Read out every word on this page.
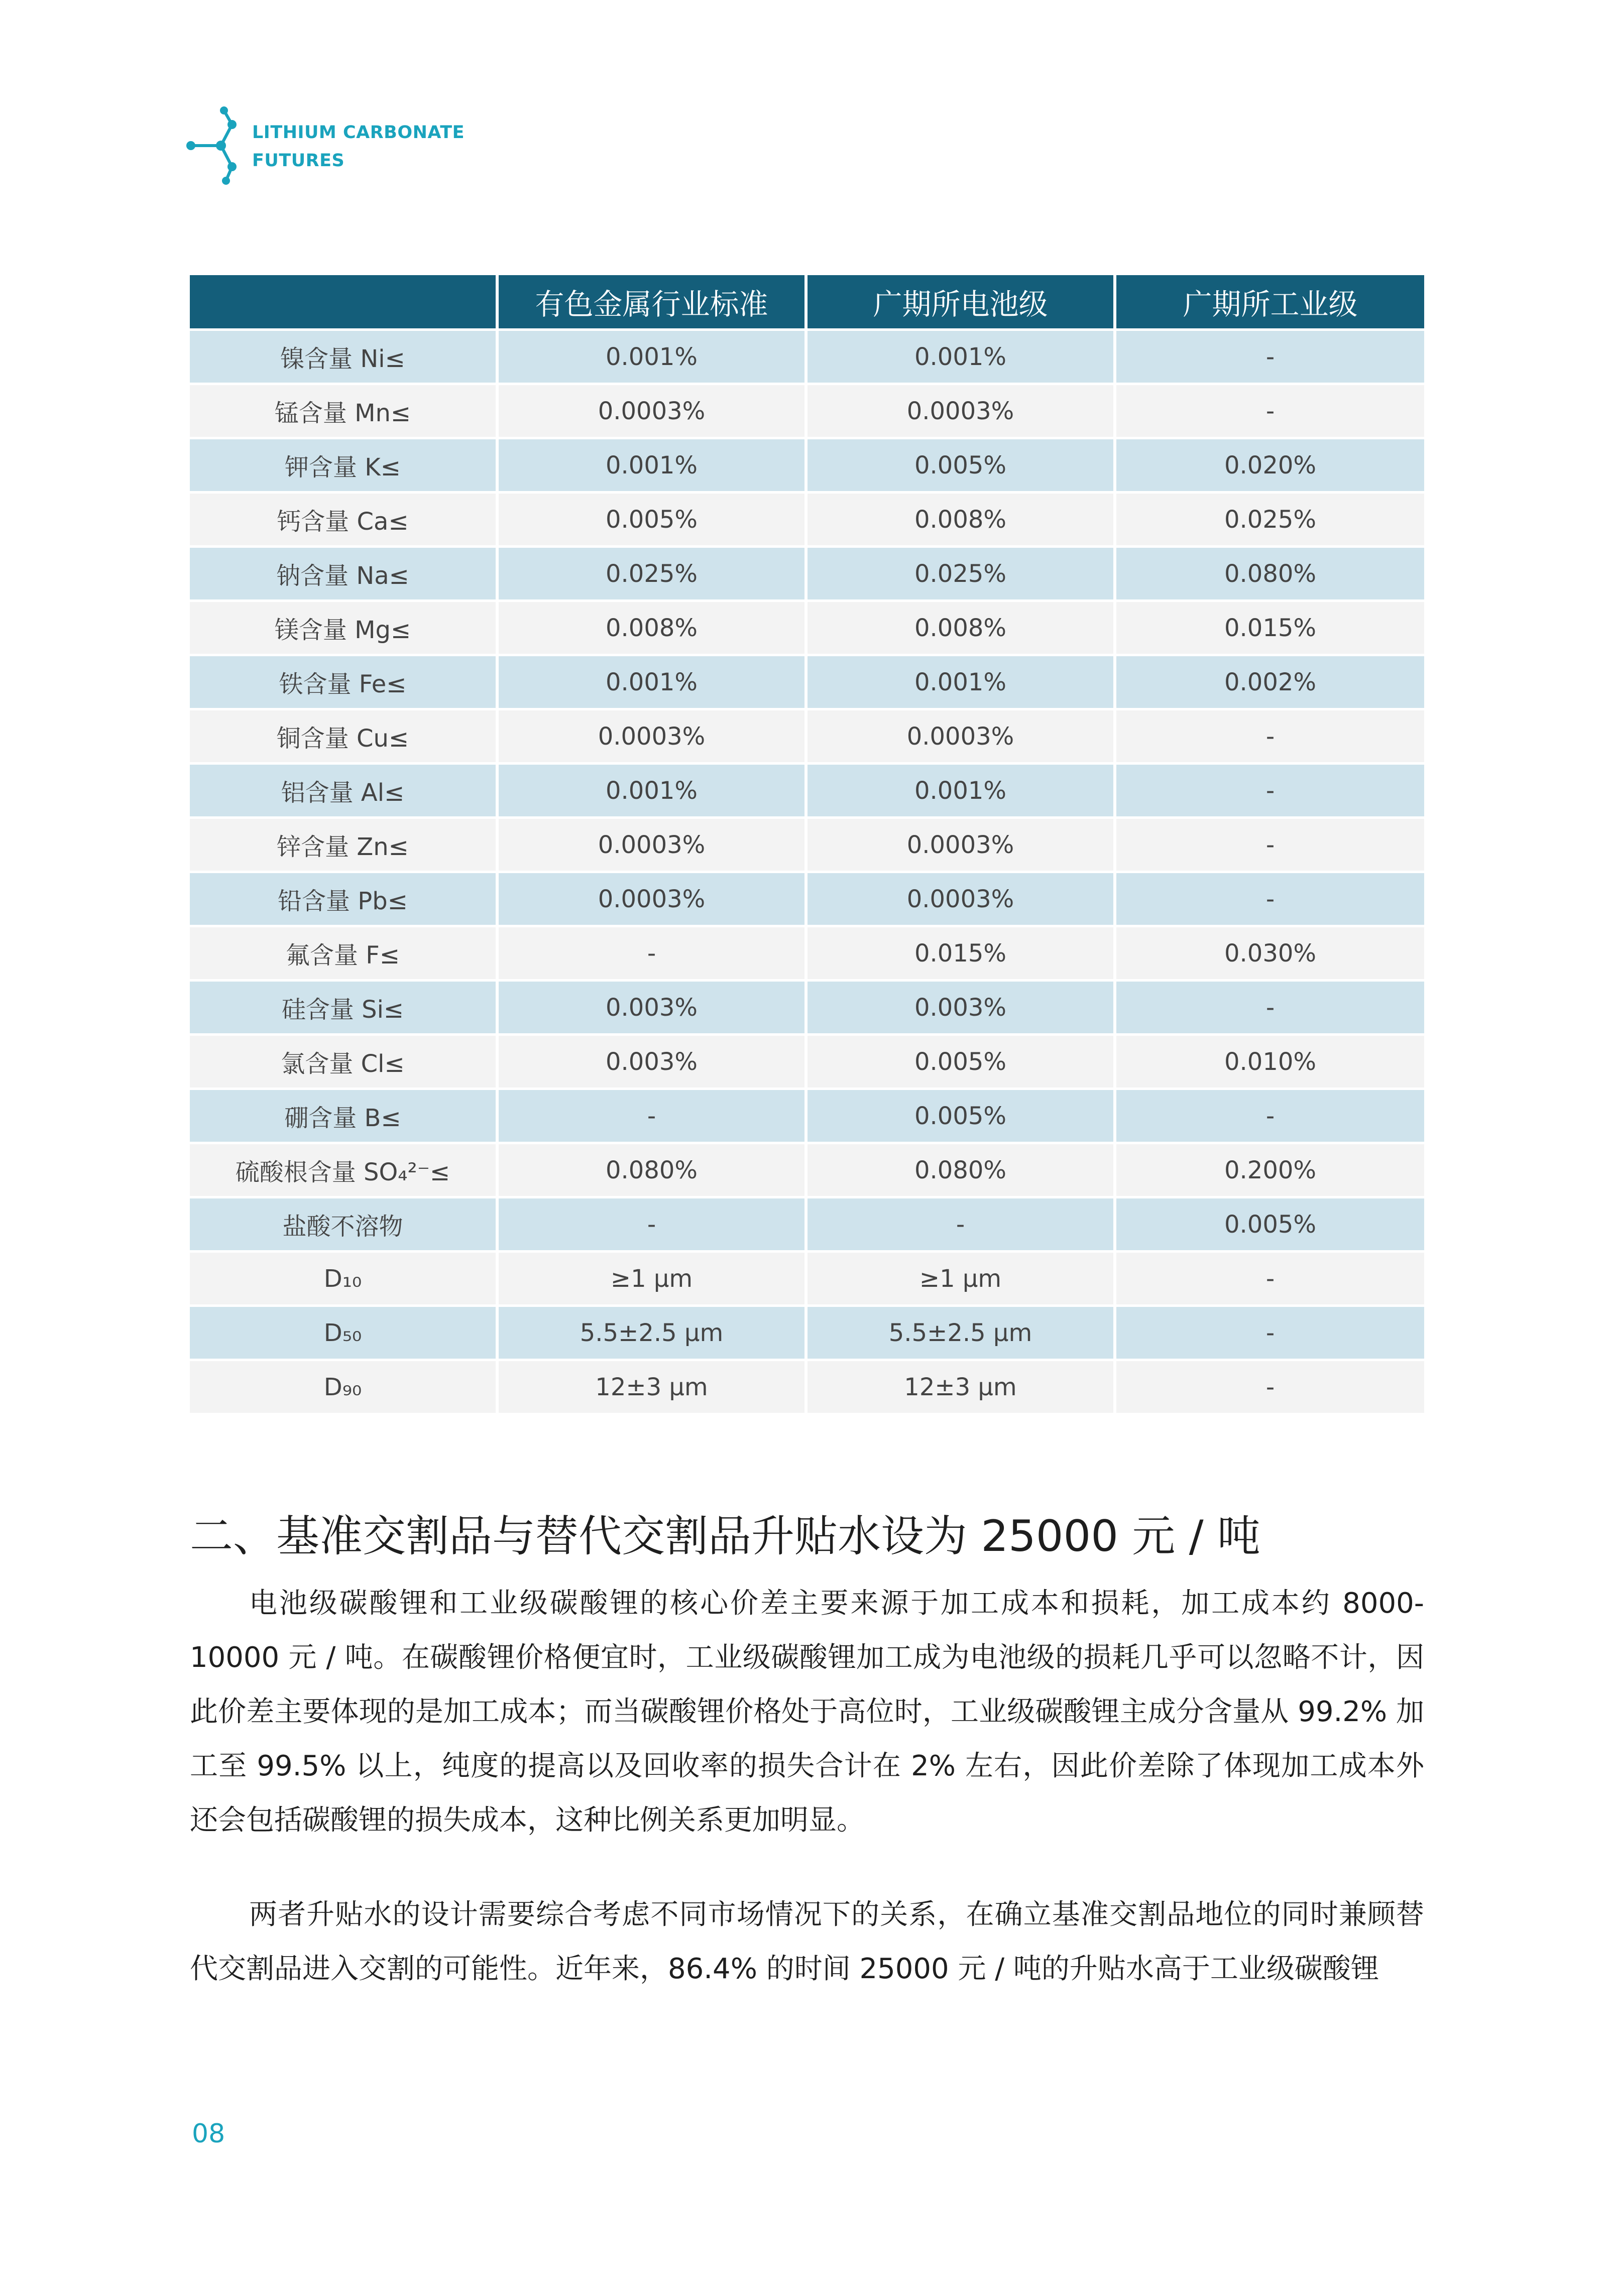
LITHIUM CARBONATE
FUTURES
	有色金属行业标准	广期所电池级	广期所工业级
镍含量 Ni≤	0.001%	0.001%	-
锰含量 Mn≤	0.0003%	0.0003%	-
钾含量 K≤	0.001%	0.005%	0.020%
钙含量 Ca≤	0.005%	0.008%	0.025%
钠含量 Na≤	0.025%	0.025%	0.080%
镁含量 Mg≤	0.008%	0.008%	0.015%
铁含量 Fe≤	0.001%	0.001%	0.002%
铜含量 Cu≤	0.0003%	0.0003%	-
铝含量 Al≤	0.001%	0.001%	-
锌含量 Zn≤	0.0003%	0.0003%	-
铅含量 Pb≤	0.0003%	0.0003%	-
氟含量 F≤	-	0.015%	0.030%
硅含量 Si≤	0.003%	0.003%	-
氯含量 Cl≤	0.003%	0.005%	0.010%
硼含量 B≤	-	0.005%	-
硫酸根含量 SO₄²⁻≤	0.080%	0.080%	0.200%
盐酸不溶物	-	-	0.005%
D₁₀	≥1 μm	≥1 μm	-
D₅₀	5.5±2.5 μm	5.5±2.5 μm	-
D₉₀	12±3 μm	12±3 μm	-
二、基准交割品与替代交割品升贴水设为 25000 元 / 吨

电池级碳酸锂和工业级碳酸锂的核心价差主要来源于加工成本和损耗，加工成本约 8000-10000 元 / 吨。在碳酸锂价格便宜时，工业级碳酸锂加工成为电池级的损耗几乎可以忽略不计，因此价差主要体现的是加工成本；而当碳酸锂价格处于高位时，工业级碳酸锂主成分含量从 99.2% 加工至 99.5% 以上，纯度的提高以及回收率的损失合计在 2% 左右，因此价差除了体现加工成本外还会包括碳酸锂的损失成本，这种比例关系更加明显。

两者升贴水的设计需要综合考虑不同市场情况下的关系，在确立基准交割品地位的同时兼顾替代交割品进入交割的可能性。近年来，86.4% 的时间 25000 元 / 吨的升贴水高于工业级碳酸锂

08
